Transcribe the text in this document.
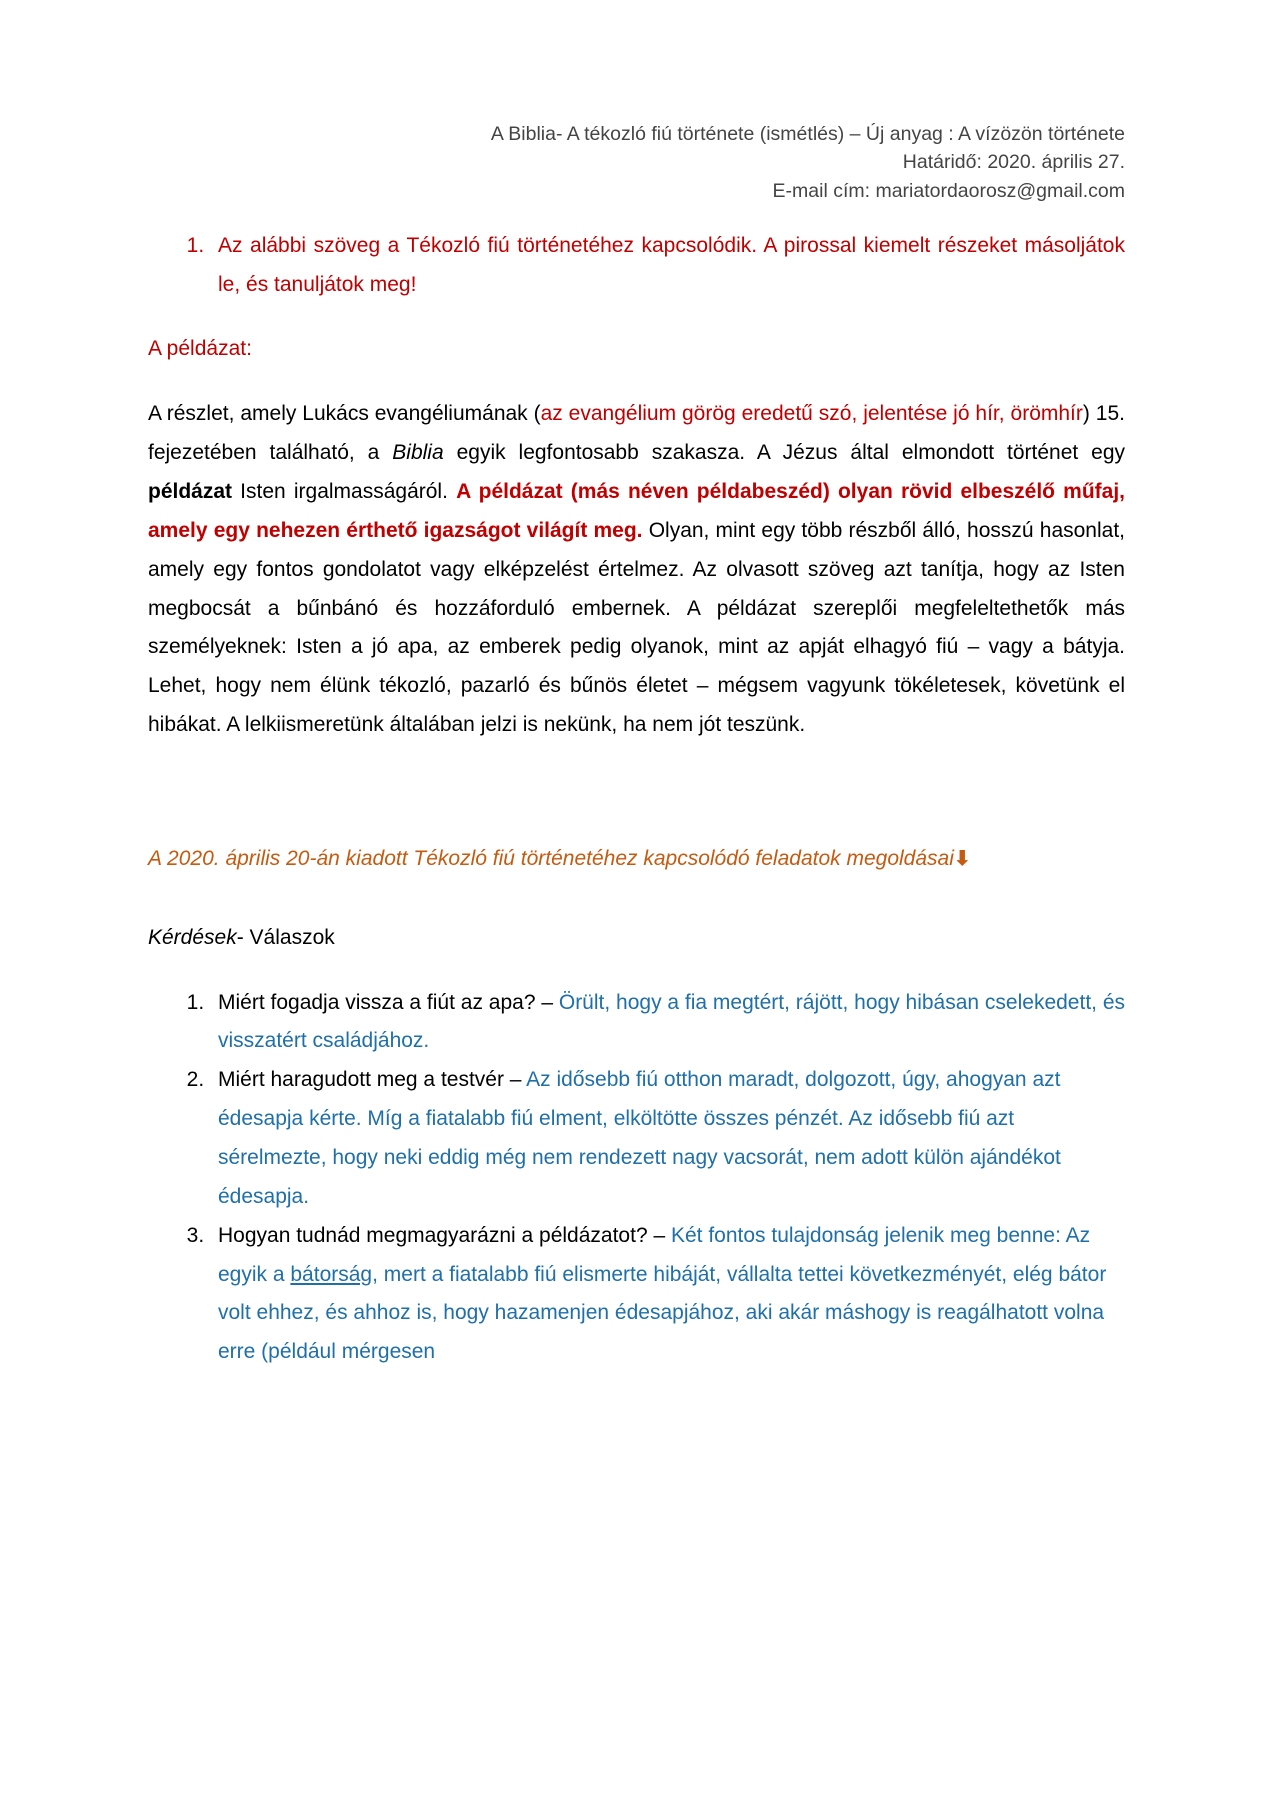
A Biblia- A tékozló fiú története (ismétlés) – Új anyag : A vízözön története
Határidő: 2020. április 27.
E-mail cím: mariatordaorosz@gmail.com
1. Az alábbi szöveg a Tékozló fiú történetéhez kapcsolódik. A pirossal kiemelt részeket másoljátok le, és tanuljátok meg!

A példázat:

A részlet, amely Lukács evangéliumának (az evangélium görög eredetű szó, jelentése jó hír, örömhír) 15. fejezetében található, a Biblia egyik legfontosabb szakasza. A Jézus által elmondott történet egy példázat Isten irgalmasságáról. A példázat (más néven példabeszéd) olyan rövid elbeszélő műfaj, amely egy nehezen érthető igazságot világít meg. Olyan, mint egy több részből álló, hosszú hasonlat, amely egy fontos gondolatot vagy elképzelést értelmez. Az olvasott szöveg azt tanítja, hogy az Isten megbocsát a bűnbánó és hozzáforduló embernek. A példázat szereplői megfeleltethetők más személyeknek: Isten a jó apa, az emberek pedig olyanok, mint az apját elhagyó fiú – vagy a bátyja. Lehet, hogy nem élünk tékozló, pazarló és bűnös életet – mégsem vagyunk tökéletesek, követünk el hibákat. A lelkiismeretünk általában jelzi is nekünk, ha nem jót teszünk.

A 2020. április 20-án kiadott Tékozló fiú történetéhez kapcsolódó feladatok megoldásai⬇

Kérdések- Válaszok

1. Miért fogadja vissza a fiút az apa? – Örült, hogy a fia megtért, rájött, hogy hibásan cselekedett, és visszatért családjához.
2. Miért haragudott meg a testvér – Az idősebb fiú otthon maradt, dolgozott, úgy, ahogyan azt édesapja kérte. Míg a fiatalabb fiú elment, elköltötte összes pénzét. Az idősebb fiú azt sérelmezte, hogy neki eddig még nem rendezett nagy vacsorát, nem adott külön ajándékot édesapja.
3. Hogyan tudnád megmagyarázni a példázatot? – Két fontos tulajdonság jelenik meg benne: Az egyik a bátorság, mert a fiatalabb fiú elismerte hibáját, vállalta tettei következményét, elég bátor volt ehhez, és ahhoz is, hogy hazamenjen édesapjához, aki akár máshogy is reagálhatott volna erre (például mérgesen
